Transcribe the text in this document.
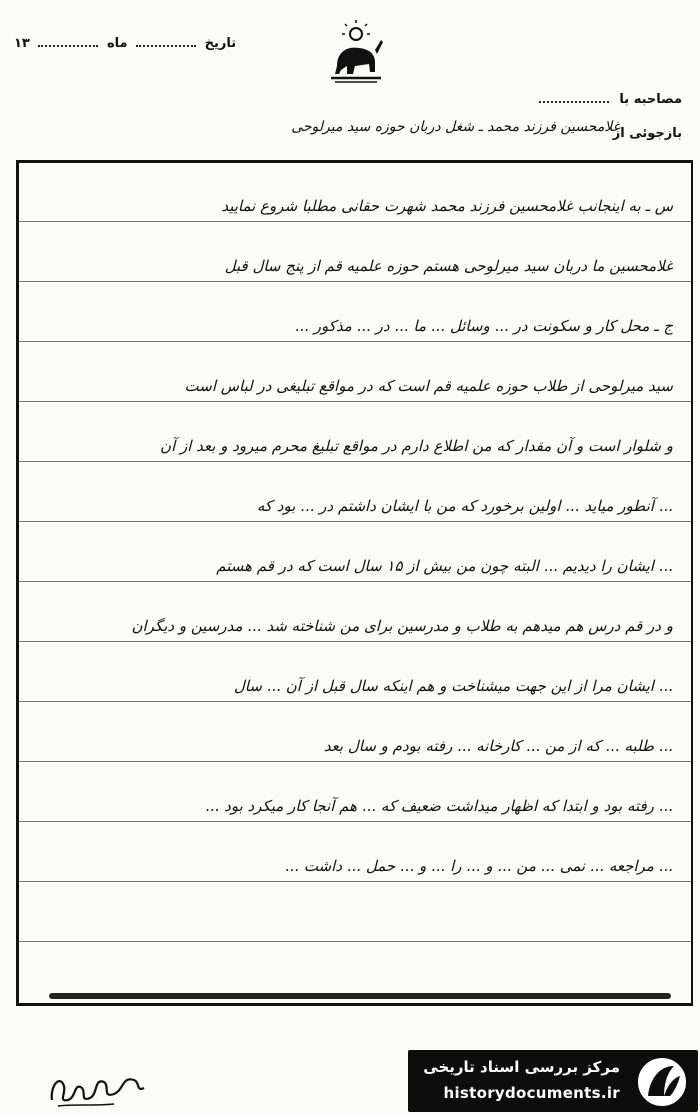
تاریخ  ماه  ۱۳
مصاحبه با
بازجوئی از
غلامحسین فرزند محمد ـ شغل دربان حوزه سید میرلوحی
س ـ به اینجانب غلامحسین فرزند محمد شهرت حقانی مطلبا شروع نمایید
غلامحسین ما دربان سید میرلوحی هستم حوزه علمیه قم از پنج سال قبل
ج ـ محل کار و سکونت در ... وسائل ... ما ... در ... مذکور ...
سید میرلوحی از طلاب حوزه علمیه قم است که در مواقع تبلیغی در لباس است
و شلوار است و آن مقدار که من اطلاع دارم در مواقع تبلیغ محرم میرود و بعد از آن
... آنطور میاید ... اولین برخورد که من با ایشان داشتم در ... بود که
... ایشان را دیدیم ... البته چون من بیش از ۱۵ سال است که در قم هستم
و در قم درس هم میدهم به طلاب و مدرسین برای من شناخته شد ... مدرسین و دیگران
... ایشان مرا از این جهت میشناخت و هم اینکه سال قبل از آن ... سال
... طلبه ... که از من ... کارخانه ... رفته بودم و سال بعد
... رفته بود و ابتدا که اظهار میداشت ضعیف که ... هم آنجا کار میکرد بود ...
... مراجعه ... نمی ... من ... و ... را ... و ... حمل ... داشت ...
مرکز بررسی اسناد تاریخی
historydocuments.ir
